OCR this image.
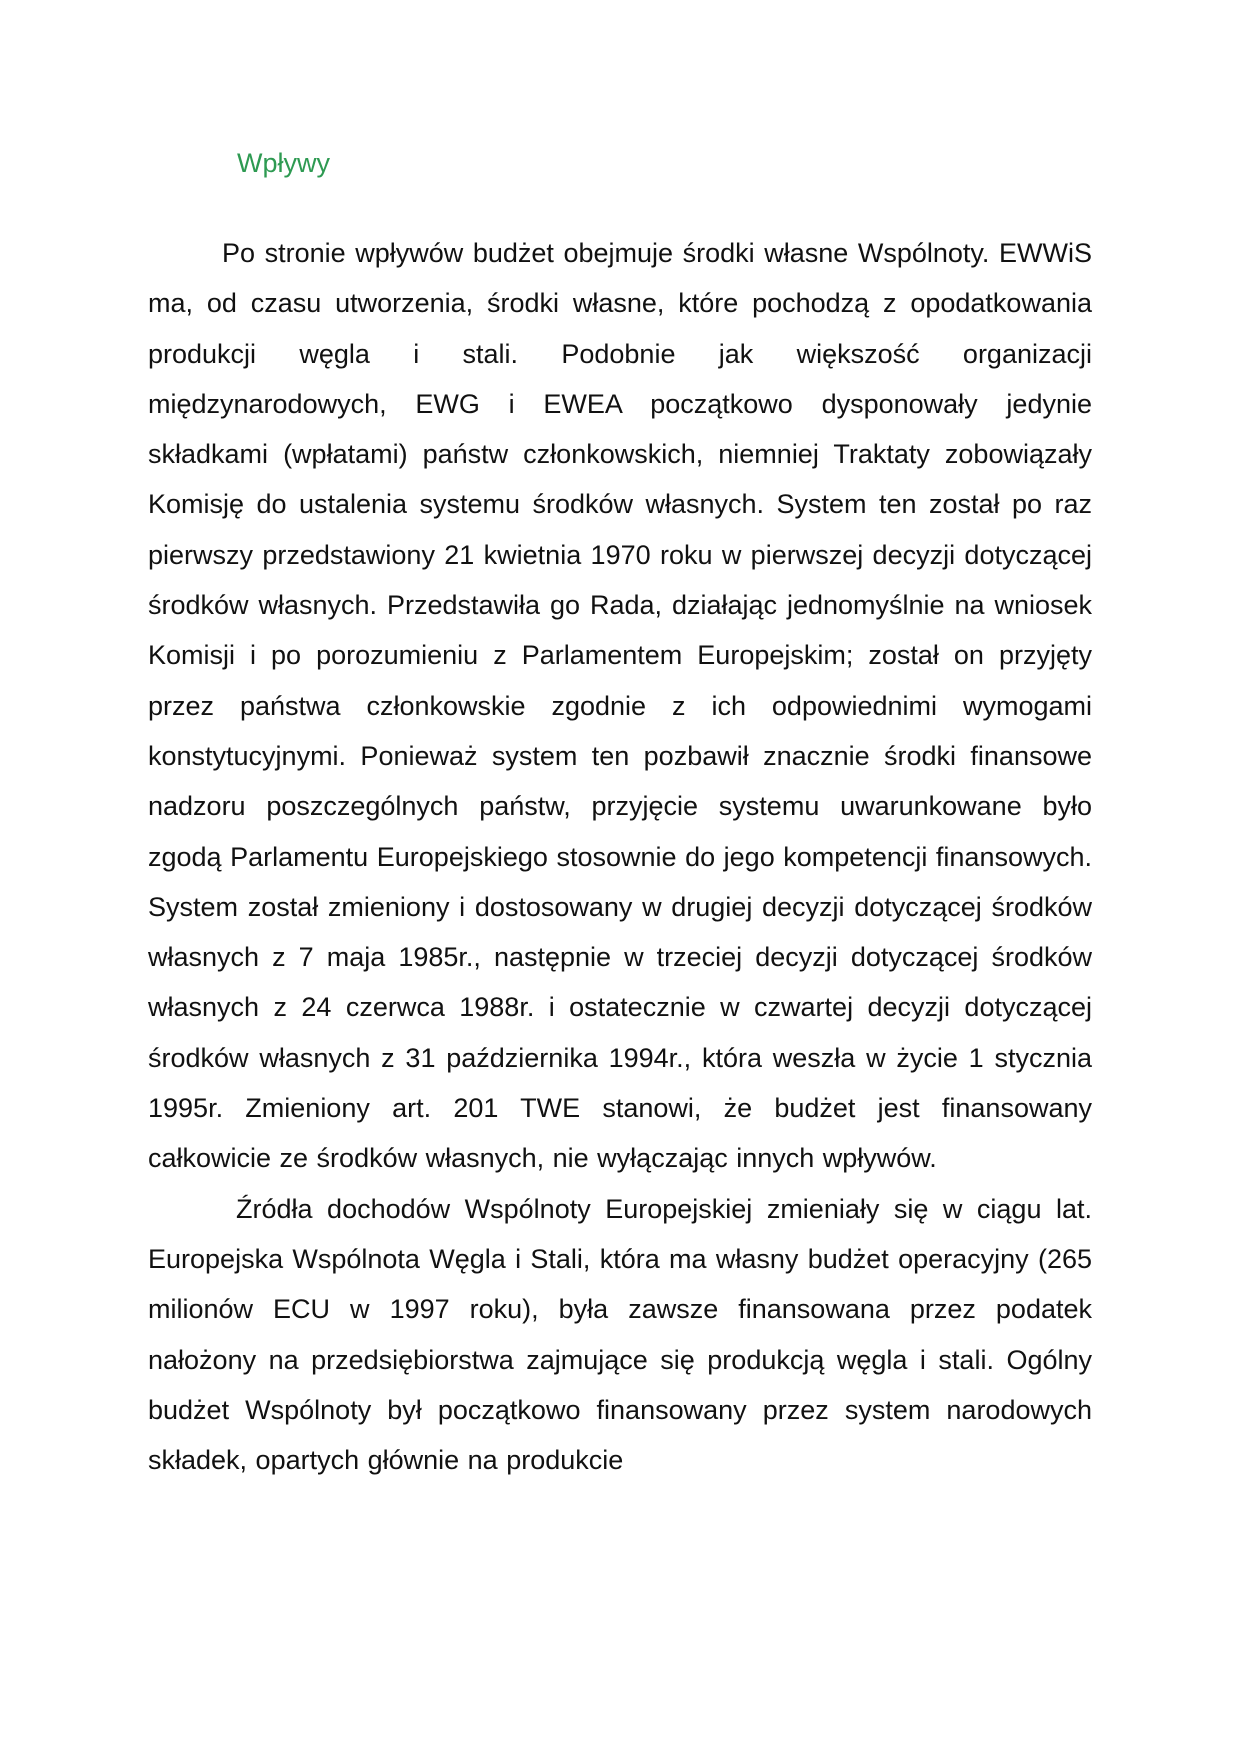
Wpływy

Po stronie wpływów budżet obejmuje środki własne Wspólnoty. EWWiS ma, od czasu utworzenia, środki własne, które pochodzą z opodatkowania produkcji węgla i stali. Podobnie jak większość organizacji międzynarodowych, EWG i EWEA początkowo dysponowały jedynie składkami (wpłatami) państw członkowskich, niemniej Traktaty zobowiązały Komisję do ustalenia systemu środków własnych. System ten został po raz pierwszy przedstawiony 21 kwietnia 1970 roku w pierwszej decyzji dotyczącej środków własnych. Przedstawiła go Rada, działając jednomyślnie na wniosek Komisji i po porozumieniu z Parlamentem Europejskim; został on przyjęty przez państwa członkowskie zgodnie z ich odpowiednimi wymogami konstytucyjnymi. Ponieważ system ten pozbawił znacznie środki finansowe nadzoru poszczególnych państw, przyjęcie systemu uwarunkowane było zgodą Parlamentu Europejskiego stosownie do jego kompetencji finansowych. System został zmieniony i dostosowany w drugiej decyzji dotyczącej środków własnych z 7 maja 1985r., następnie w trzeciej decyzji dotyczącej środków własnych z 24 czerwca 1988r. i ostatecznie w czwartej decyzji dotyczącej środków własnych z 31 października 1994r., która weszła w życie 1 stycznia 1995r. Zmieniony art. 201 TWE stanowi, że budżet jest finansowany całkowicie ze środków własnych, nie wyłączając innych wpływów.

Źródła dochodów Wspólnoty Europejskiej zmieniały się w ciągu lat. Europejska Wspólnota Węgla i Stali, która ma własny budżet operacyjny (265 milionów ECU w 1997 roku), była zawsze finansowana przez podatek nałożony na przedsiębiorstwa zajmujące się produkcją węgla i stali. Ogólny budżet Wspólnoty był początkowo finansowany przez system narodowych składek, opartych głównie na produkcie
